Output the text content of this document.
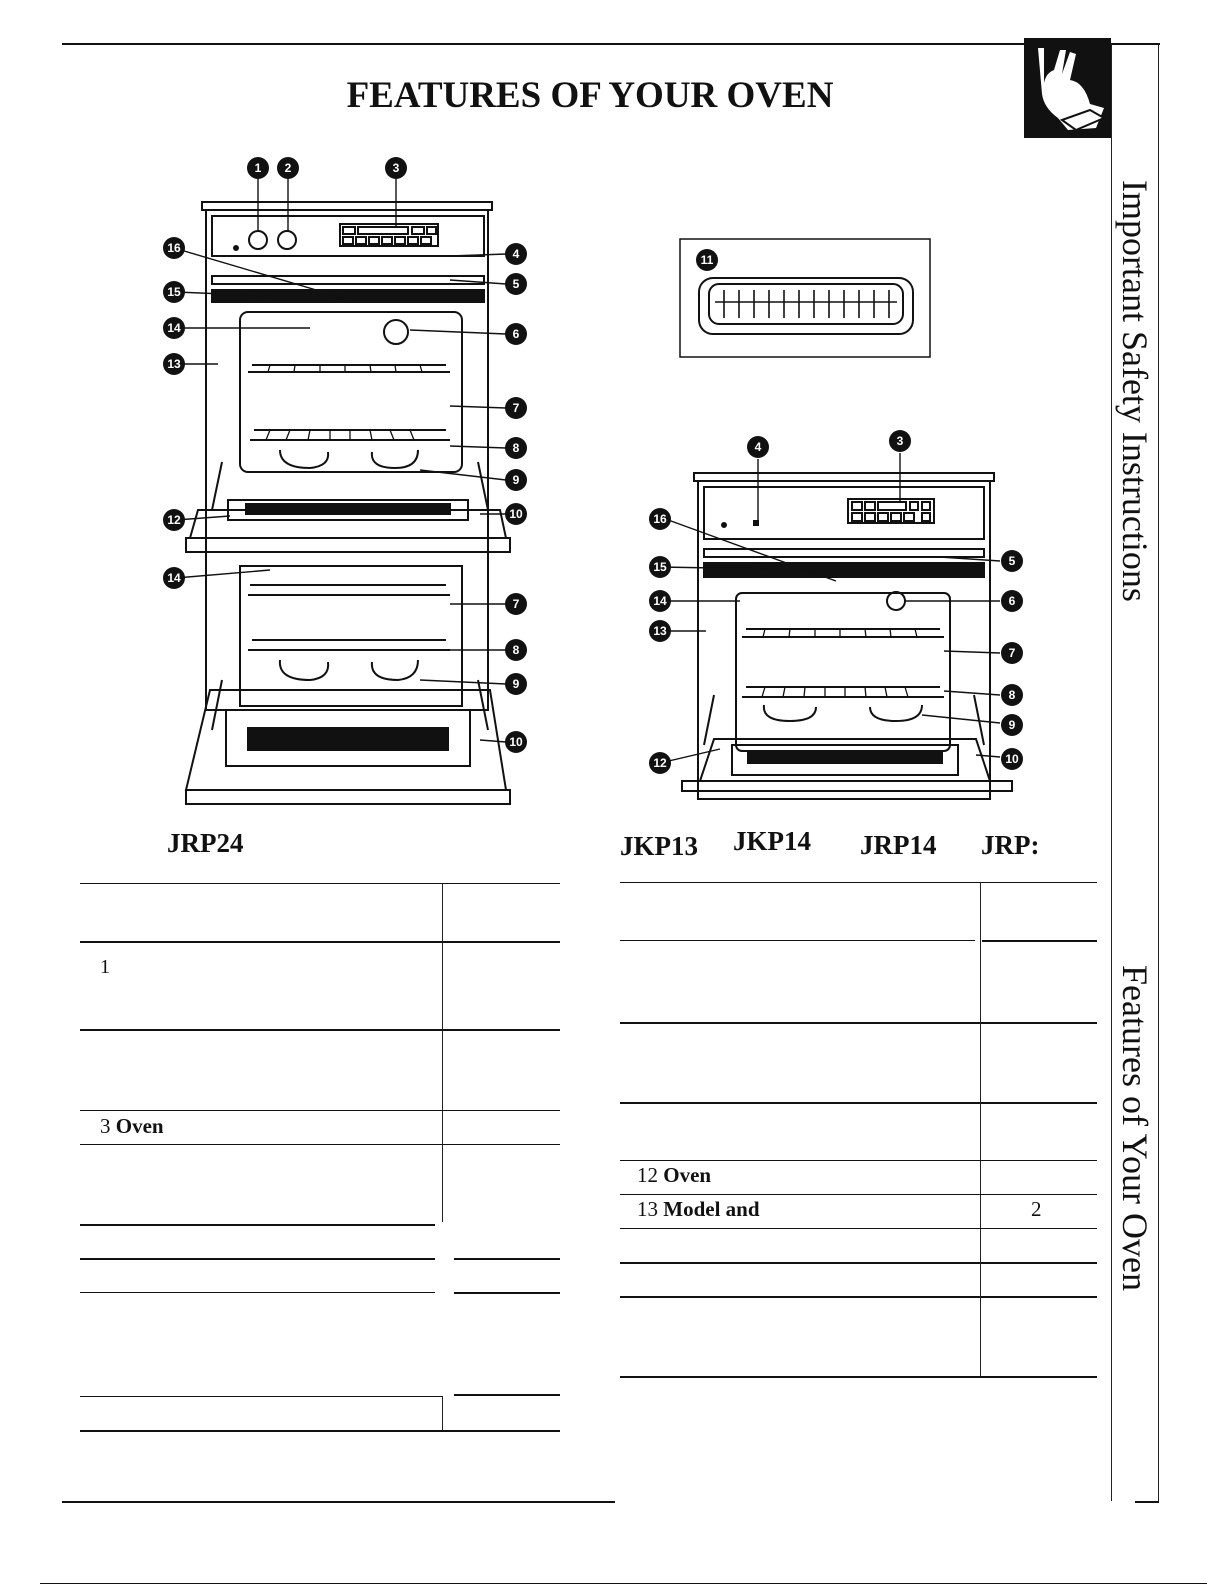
FEATURES OF YOUR OVEN
Important Safety Instructions
Features of Your Oven
1 2	3
4
16
5
15
14	6
13
7
8
9
12	10
14
7
8
9
10
JRP24
11
4	3
16
5
15
6
14
13
7
8
9
12	10
JKP13 JKP14 JRP14 JRP:
1
3 Oven
12 Oven
13 Model and	2
